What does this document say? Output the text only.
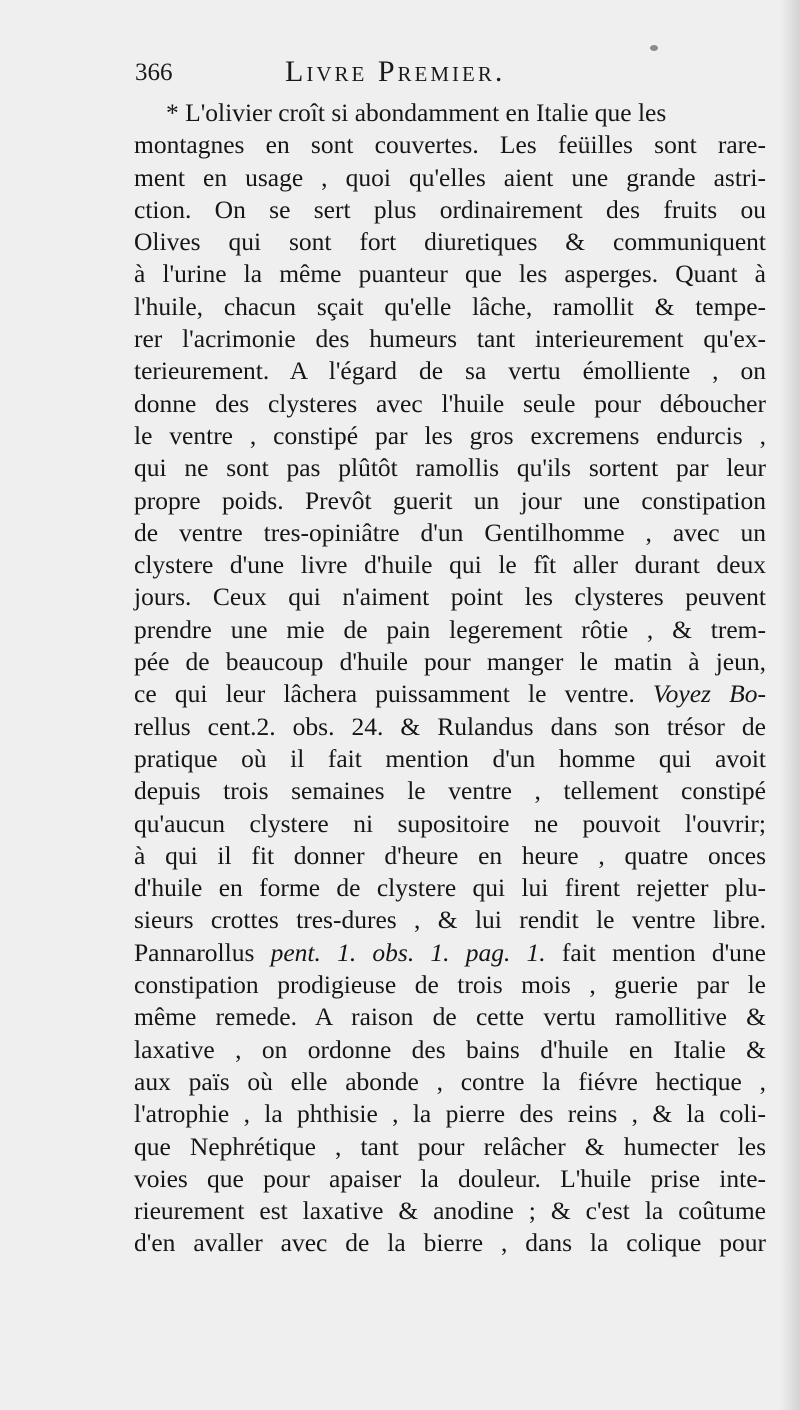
366	Livre Premier.
* L'olivier croît si abondamment en Italie que les
montagnes en sont couvertes. Les feüilles sont rare-
ment en usage , quoi qu'elles aient une grande astri-
ction. On se sert plus ordinairement des fruits ou
Olives qui sont fort diuretiques & communiquent
à l'urine la même puanteur que les asperges. Quant à
l'huile, chacun sçait qu'elle lâche, ramollit & tempe-
rer l'acrimonie des humeurs tant interieurement qu'ex-
terieurement. A l'égard de sa vertu émolliente , on
donne des clysteres avec l'huile seule pour déboucher
le ventre , constipé par les gros excremens endurcis ,
qui ne sont pas plûtôt ramollis qu'ils sortent par leur
propre poids. Prevôt guerit un jour une constipation
de ventre tres-opiniâtre d'un Gentilhomme , avec un
clystere d'une livre d'huile qui le fît aller durant deux
jours. Ceux qui n'aiment point les clysteres peuvent
prendre une mie de pain legerement rôtie , & trem-
pée de beaucoup d'huile pour manger le matin à jeun,
ce qui leur lâchera puissamment le ventre. Voyez Bo-
rellus cent.2. obs. 24. & Rulandus dans son trésor de
pratique où il fait mention d'un homme qui avoit
depuis trois semaines le ventre , tellement constipé
qu'aucun clystere ni supositoire ne pouvoit l'ouvrir;
à qui il fit donner d'heure en heure , quatre onces
d'huile en forme de clystere qui lui firent rejetter plu-
sieurs crottes tres-dures , & lui rendit le ventre libre.
Pannarollus pent. 1. obs. 1. pag. 1. fait mention d'une
constipation prodigieuse de trois mois , guerie par le
même remede. A raison de cette vertu ramollitive &
laxative , on ordonne des bains d'huile en Italie &
aux païs où elle abonde , contre la fiévre hectique ,
l'atrophie , la phthisie , la pierre des reins , & la coli-
que Nephrétique , tant pour relâcher & humecter les
voies que pour apaiser la douleur. L'huile prise inte-
rieurement est laxative & anodine ; & c'est la coûtume
d'en avaller avec de la bierre , dans la colique pour
